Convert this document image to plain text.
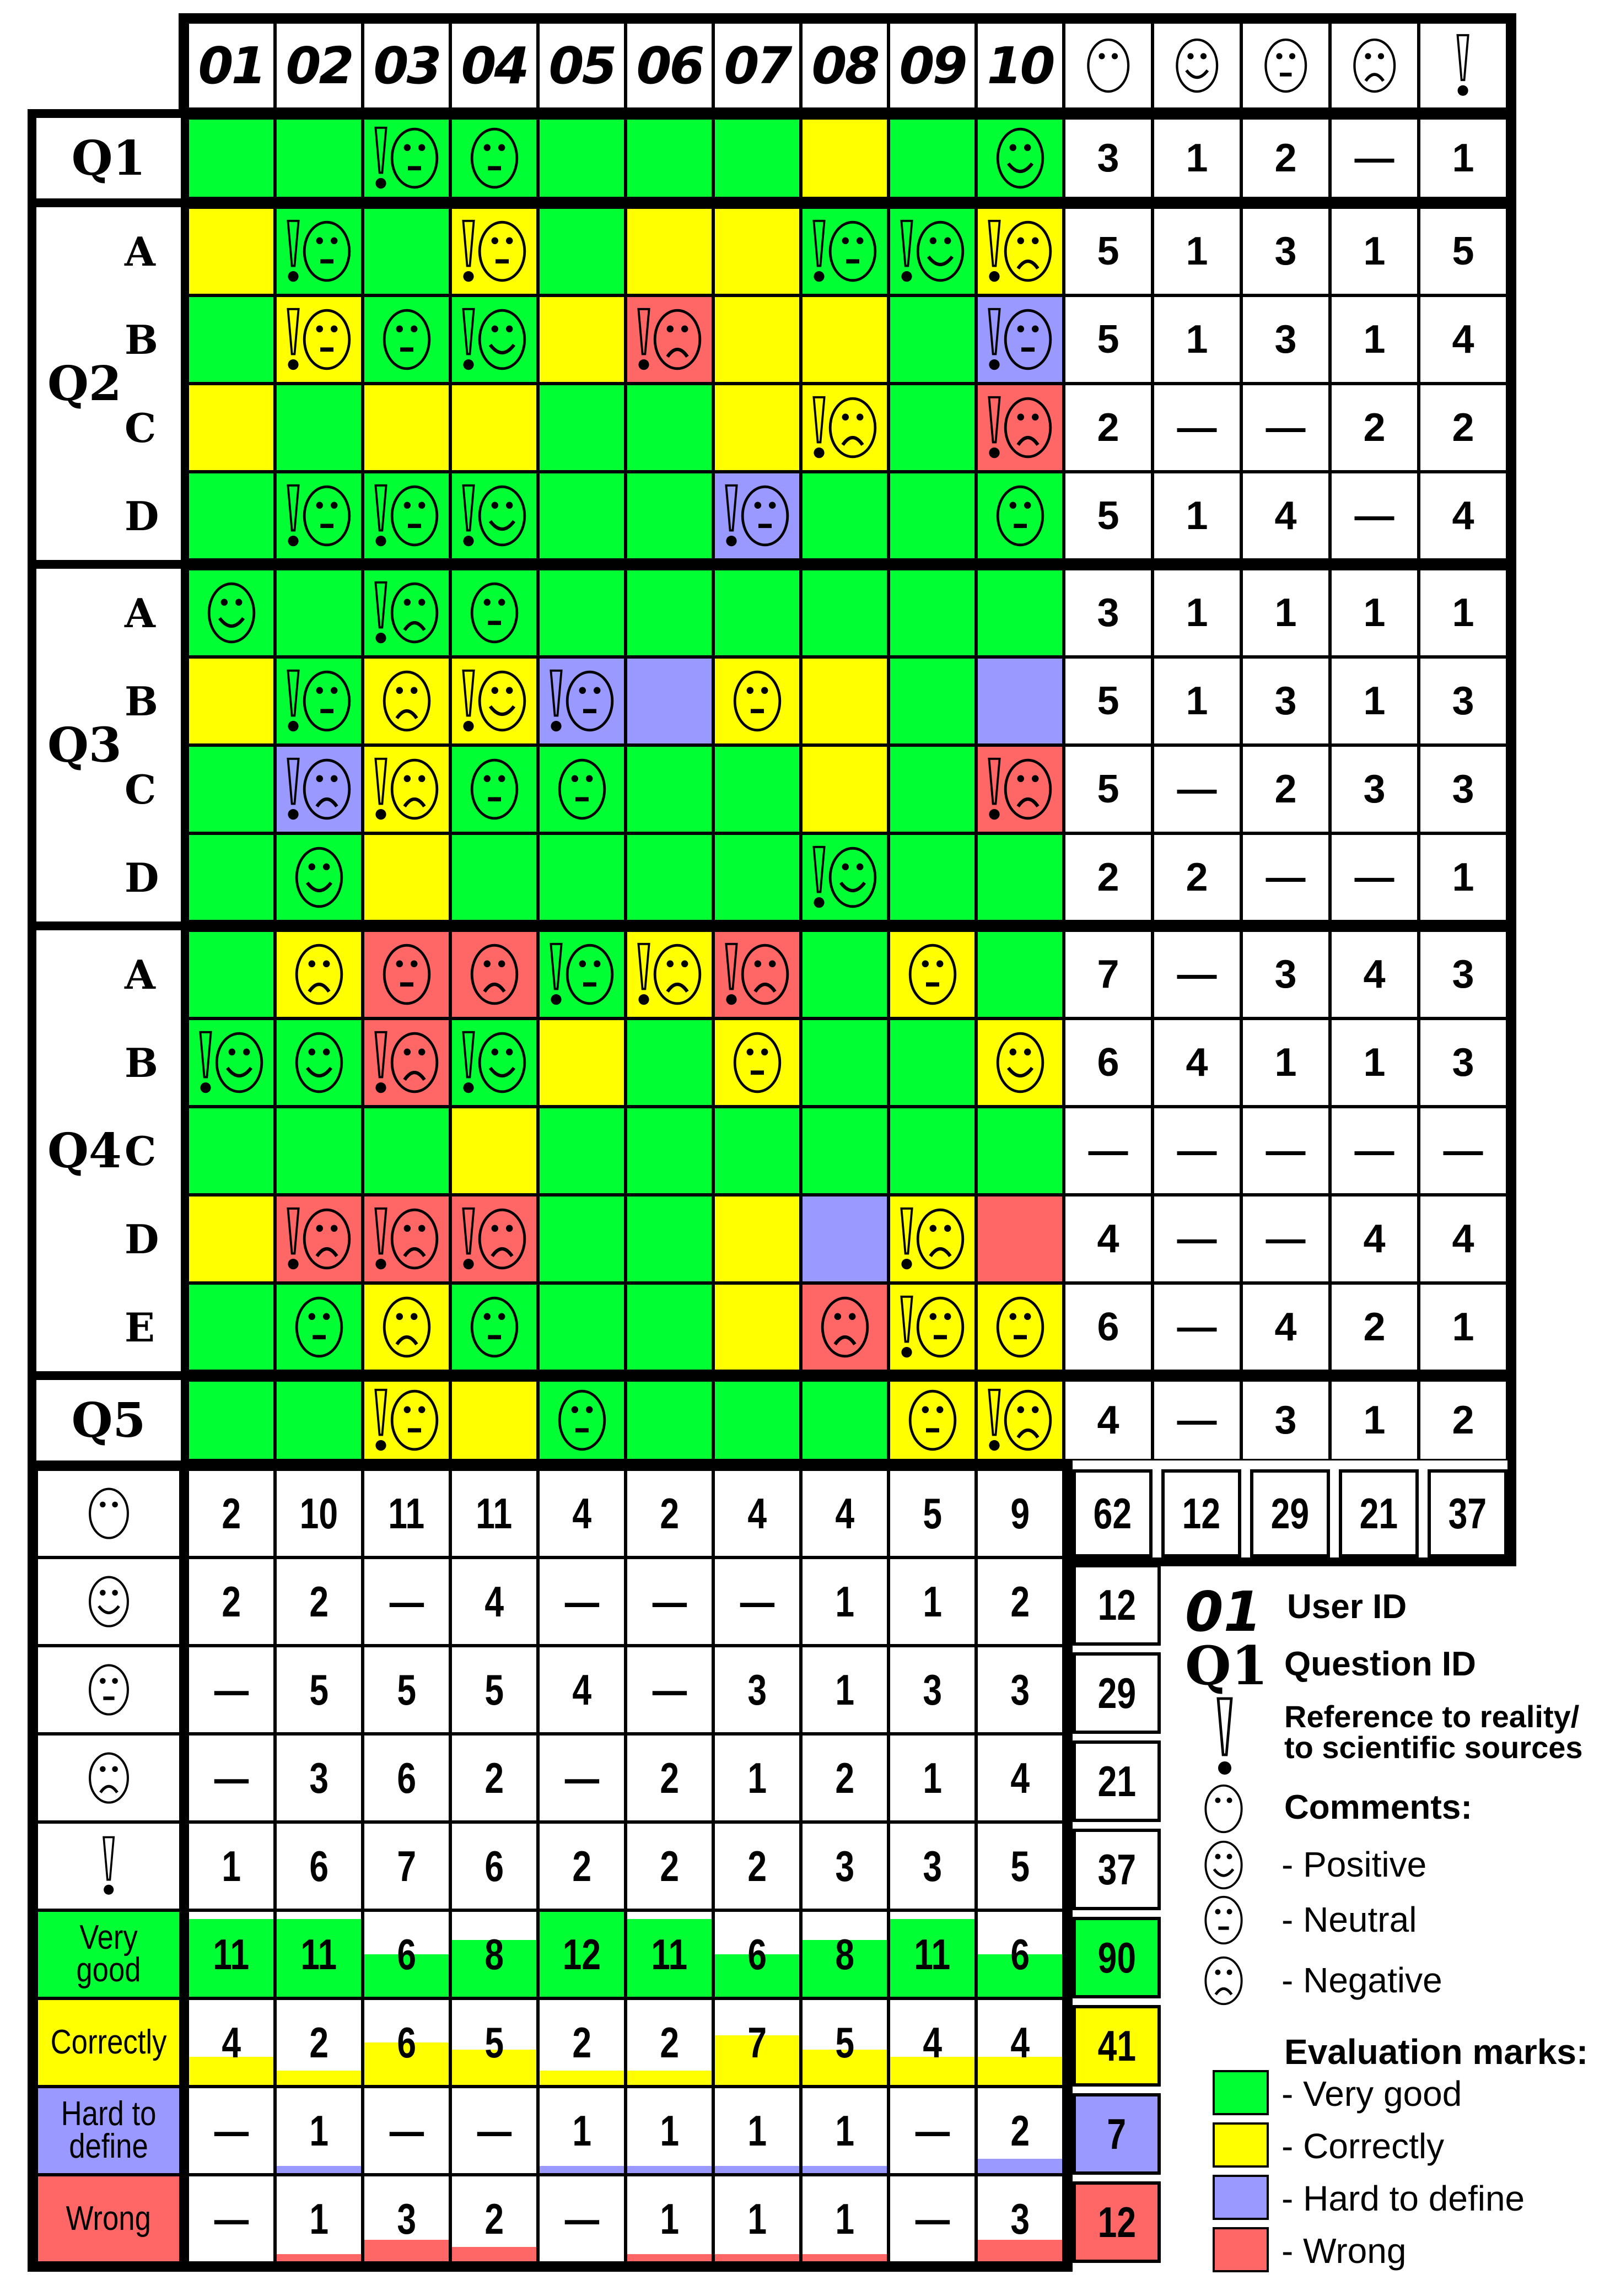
01 02 03 04 05 06 07 08 09 10
Q1	3 1 2 — 1
Q2
A	5 1 3 1 5
B	5 1 3 1 4
C	2 — — 2 2
D	5 1 4 — 4
Q3
A	3 1 1 1 1
B	5 1 3 1 3
C	5 — 2 3 3
D	2 2 — — 1
Q4
A	7 — 3 4 3
B	6 4 1 1 3
C	— — — — —
D	4 — — 4 4
E	6 — 4 2 1
Q5	4 — 3 1 2
62 12 29 21 37
2 10 11 11 4 2 4 4 5 9
2 2 — 4 — — — 1 1 2 12
— 5 5 5 4 — 3 1 3 3 29
— 3 6 2 — 2 1 2 1 4 21
1 6 7 6 2 2 2 3 3 5 37
Very good	11 11 6 8 12 11 6 8 11 6 90
Correctly 4 2 6 5 2 2 7 5 4 4 41
Hard to define	— 1 — — 1 1 1 1 — 2 7
Wrong — 1 3 2 — 1 1 1 — 3 12
01 User ID
Q1 Question ID
Reference to reality/
to scientific sources
Comments:
- Positive
- Neutral
- Negative
Evaluation marks:
- Very good
- Correctly
- Hard to define
- Wrong
